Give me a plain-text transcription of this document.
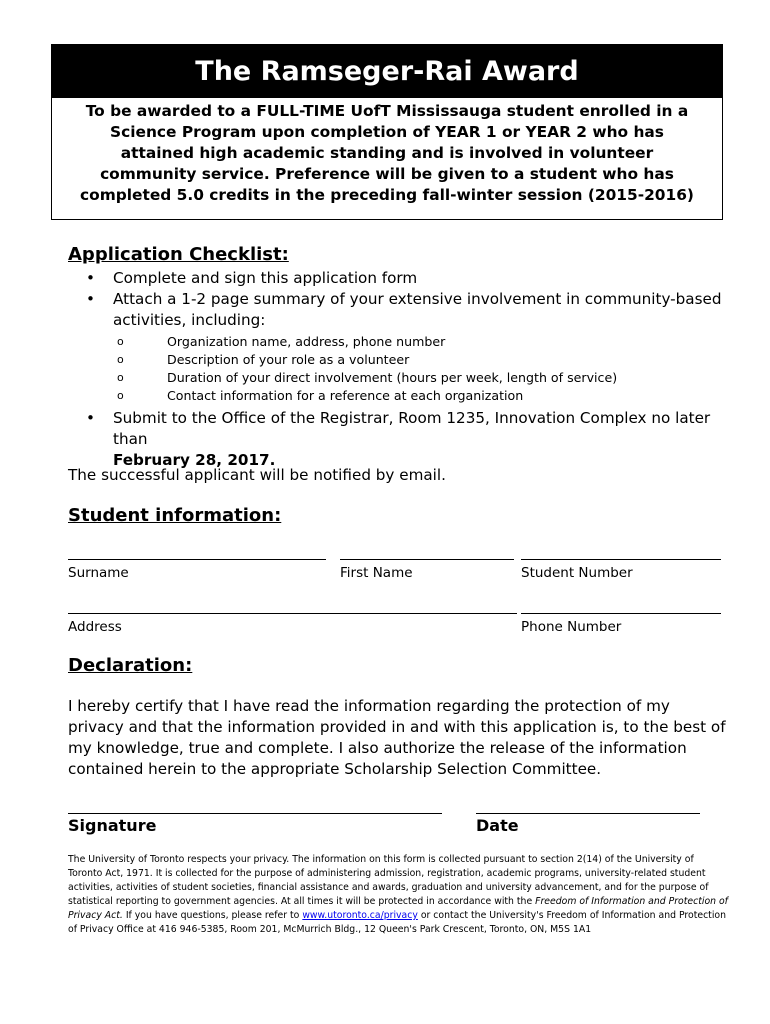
The Ramseger-Rai Award
To be awarded to a FULL-TIME UofT Mississauga student enrolled in a Science Program upon completion of YEAR 1 or YEAR 2 who has attained high academic standing and is involved in volunteer community service. Preference will be given to a student who has completed 5.0 credits in the preceding fall-winter session (2015-2016)
Application Checklist:
• Complete and sign this application form
• Attach a 1-2 page summary of your extensive involvement in community-based activities, including:
o Organization name, address, phone number
o Description of your role as a volunteer
o Duration of your direct involvement (hours per week, length of service)
o Contact information for a reference at each organization
• Submit to the Office of the Registrar, Room 1235, Innovation Complex no later than
February 28, 2017.
The successful applicant will be notified by email.
Student information:
Surname	First Name	Student Number
Address	Phone Number
Declaration:
I hereby certify that I have read the information regarding the protection of my privacy and that the information provided in and with this application is, to the best of my knowledge, true and complete. I also authorize the release of the information contained herein to the appropriate Scholarship Selection Committee.
Signature	Date
The University of Toronto respects your privacy. The information on this form is collected pursuant to section 2(14) of the University of Toronto Act, 1971. It is collected for the purpose of administering admission, registration, academic programs, university-related student activities, activities of student societies, financial assistance and awards, graduation and university advancement, and for the purpose of statistical reporting to government agencies. At all times it will be protected in accordance with the Freedom of Information and Protection of Privacy Act. If you have questions, please refer to www.utoronto.ca/privacy or contact the University's Freedom of Information and Protection of Privacy Office at 416 946-5385, Room 201, McMurrich Bldg., 12 Queen's Park Crescent, Toronto, ON, M5S 1A1
